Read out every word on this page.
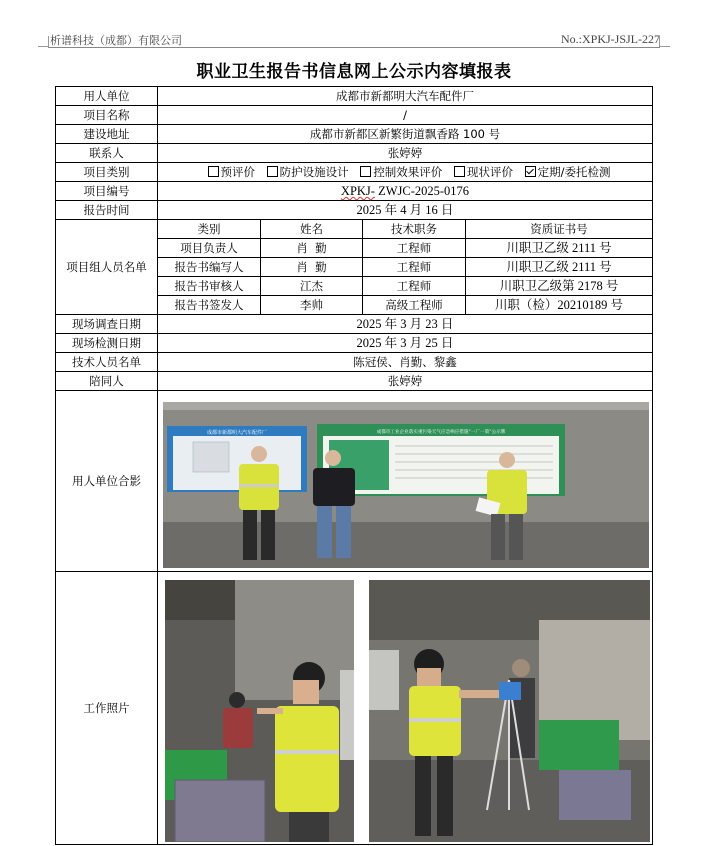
析谱科技（成都）有限公司	No.:XPKJ-JSJL-227
职业卫生报告书信息网上公示内容填报表
用人单位	成都市新都明大汽车配件厂			
项目名称	/			
建设地址	成都市新都区新繁街道飘香路 100 号			
联系人	张婷婷			
项目类别	预评价 防护设施设计 控制效果评价 现状评价 定期/委托检测			
项目编号	XPKJ- ZWJC-2025-0176			
报告时间	2025 年 4 月 16 日			
项目组人员名单	类别	姓名	技术职务	资质证书号
	项目负责人	肖  勤	工程师	川职卫乙级 2111 号
	报告书编写人	肖  勤	工程师	川职卫乙级 2111 号
	报告书审核人	江杰	工程师	川职卫乙级第 2178 号
	报告书签发人	李帅	高级工程师	川职（检）20210189 号
现场调查日期	2025 年 3 月 23 日			
现场检测日期	2025 年 3 月 25 日			
技术人员名单	陈冠侯、肖勤、黎鑫			
陪同人	张婷婷			
用人单位合影				
工作照片				
成都市新都明大汽车配件厂	成都市工业企业落实重污染天气应急响应措施“一厂一策”公示牌
